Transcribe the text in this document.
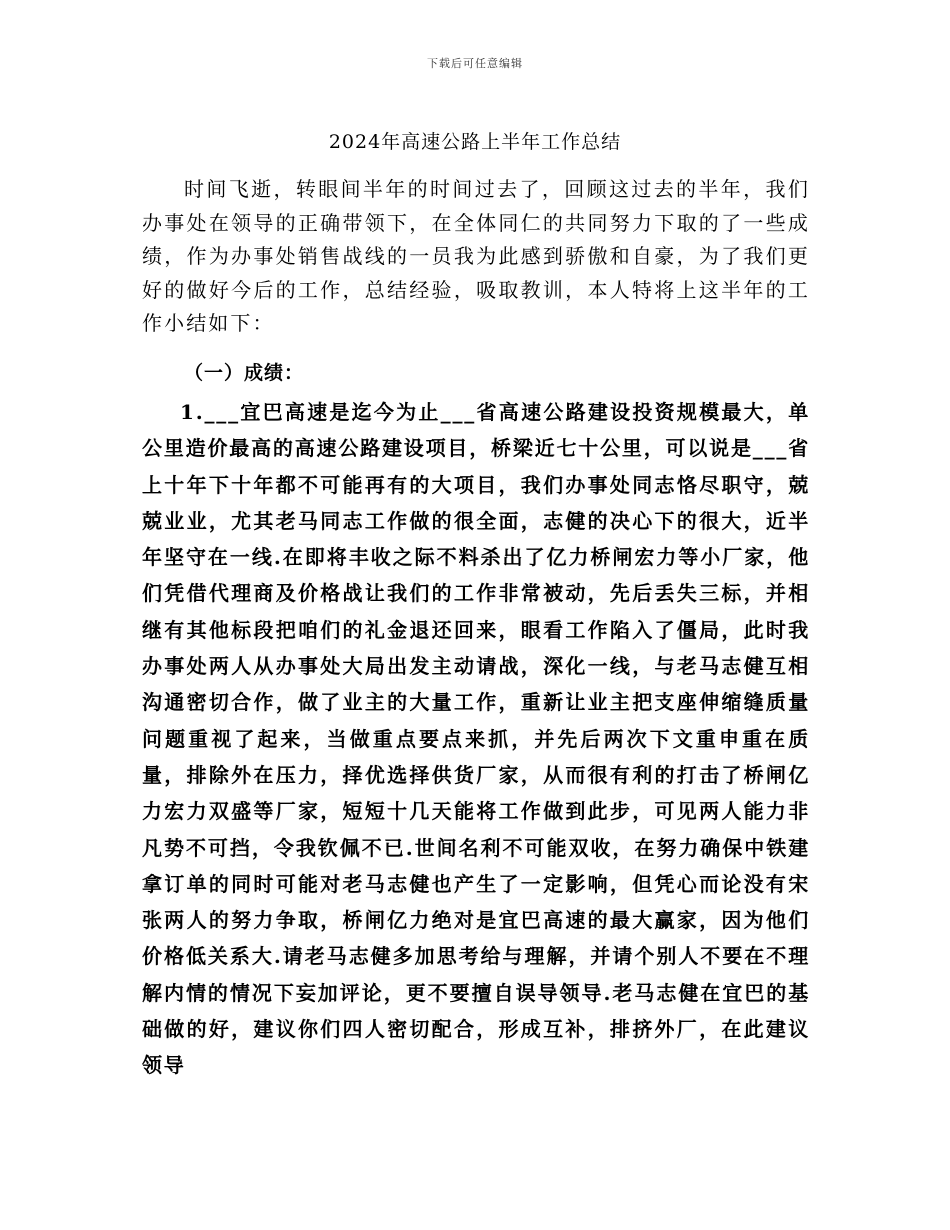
下载后可任意编辑
2024年高速公路上半年工作总结

时间飞逝，转眼间半年的时间过去了，回顾这过去的半年，我们办事处在领导的正确带领下，在全体同仁的共同努力下取的了一些成绩，作为办事处销售战线的一员我为此感到骄傲和自豪，为了我们更好的做好今后的工作，总结经验，吸取教训，本人特将上这半年的工作小结如下：

（一）成绩：

1.___宜巴高速是迄今为止___省高速公路建设投资规模最大，单公里造价最高的高速公路建设项目，桥梁近七十公里，可以说是___省上十年下十年都不可能再有的大项目，我们办事处同志恪尽职守，兢兢业业，尤其老马同志工作做的很全面，志健的决心下的很大，近半年坚守在一线.在即将丰收之际不料杀出了亿力桥闸宏力等小厂家，他们凭借代理商及价格战让我们的工作非常被动，先后丢失三标，并相继有其他标段把咱们的礼金退还回来，眼看工作陷入了僵局，此时我办事处两人从办事处大局出发主动请战，深化一线，与老马志健互相沟通密切合作，做了业主的大量工作，重新让业主把支座伸缩缝质量问题重视了起来，当做重点要点来抓，并先后两次下文重申重在质量，排除外在压力，择优选择供货厂家，从而很有利的打击了桥闸亿力宏力双盛等厂家，短短十几天能将工作做到此步，可见两人能力非凡势不可挡，令我钦佩不已.世间名利不可能双收，在努力确保中铁建拿订单的同时可能对老马志健也产生了一定影响，但凭心而论没有宋张两人的努力争取，桥闸亿力绝对是宜巴高速的最大赢家，因为他们价格低关系大.请老马志健多加思考给与理解，并请个别人不要在不理解内情的情况下妄加评论，更不要擅自误导领导.老马志健在宜巴的基础做的好，建议你们四人密切配合，形成互补，排挤外厂，在此建议领导
